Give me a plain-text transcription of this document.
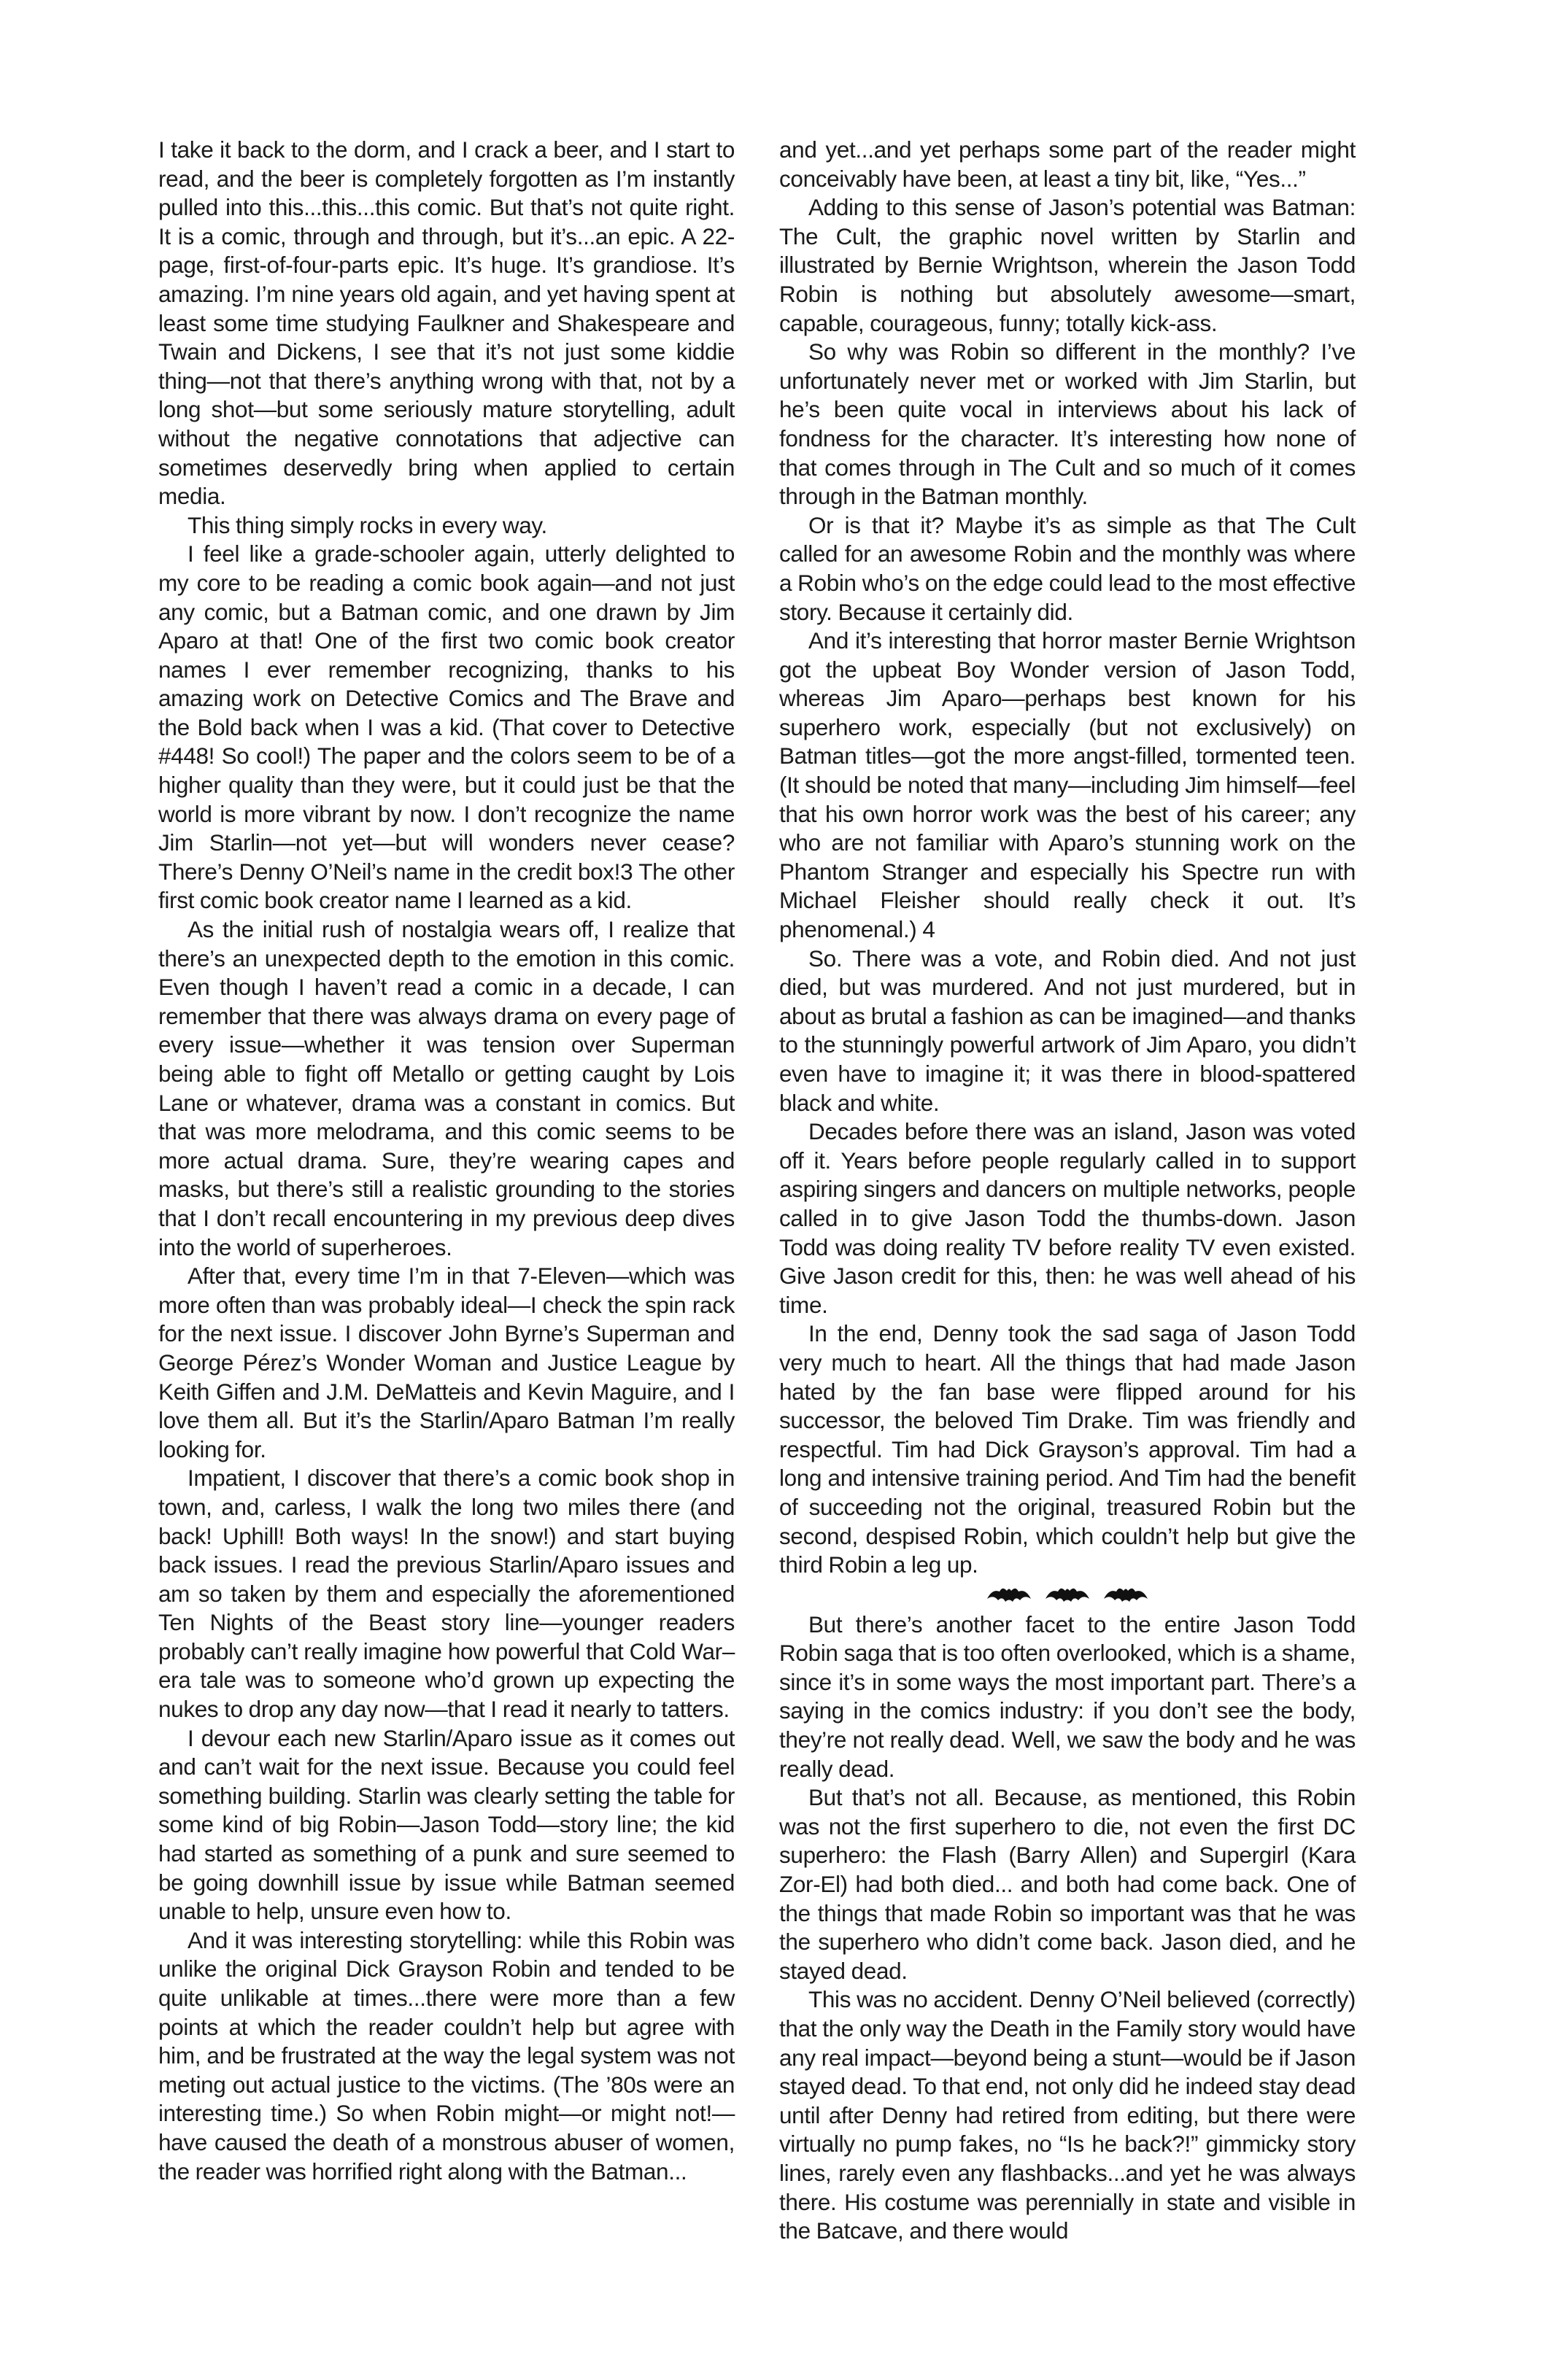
I take it back to the dorm, and I crack a beer, and I start to read, and the beer is completely forgotten as I’m instantly pulled into this...this...this comic. But that’s not quite right. It is a comic, through and through, but it’s...an epic. A 22-page, first-of-four-parts epic. It’s huge. It’s grandiose. It’s amazing. I’m nine years old again, and yet having spent at least some time studying Faulkner and Shakespeare and Twain and Dickens, I see that it’s not just some kiddie thing—not that there’s anything wrong with that, not by a long shot—but some seriously mature storytelling, adult without the negative connotations that adjective can sometimes deservedly bring when applied to certain media.

This thing simply rocks in every way.

I feel like a grade-schooler again, utterly delighted to my core to be reading a comic book again—and not just any comic, but a Batman comic, and one drawn by Jim Aparo at that! One of the first two comic book creator names I ever remember recognizing, thanks to his amazing work on Detective Comics and The Brave and the Bold back when I was a kid. (That cover to Detective #448! So cool!) The paper and the colors seem to be of a higher quality than they were, but it could just be that the world is more vibrant by now. I don’t recognize the name Jim Starlin—not yet—but will wonders never cease? There’s Denny O’Neil’s name in the credit box!3 The other first comic book creator name I learned as a kid.

As the initial rush of nostalgia wears off, I realize that there’s an unexpected depth to the emotion in this comic. Even though I haven’t read a comic in a decade, I can remember that there was always drama on every page of every issue—whether it was tension over Superman being able to fight off Metallo or getting caught by Lois Lane or whatever, drama was a constant in comics. But that was more melodrama, and this comic seems to be more actual drama. Sure, they’re wearing capes and masks, but there’s still a realistic grounding to the stories that I don’t recall encountering in my previous deep dives into the world of superheroes.

After that, every time I’m in that 7-Eleven—which was more often than was probably ideal—I check the spin rack for the next issue. I discover John Byrne’s Superman and George Pérez’s Wonder Woman and Justice League by Keith Giffen and J.M. DeMatteis and Kevin Maguire, and I love them all. But it’s the Starlin/Aparo Batman I’m really looking for.

Impatient, I discover that there’s a comic book shop in town, and, carless, I walk the long two miles there (and back! Uphill! Both ways! In the snow!) and start buying back issues. I read the previous Starlin/Aparo issues and am so taken by them and especially the aforementioned Ten Nights of the Beast story line—younger readers probably can’t really imagine how powerful that Cold War–era tale was to someone who’d grown up expecting the nukes to drop any day now—that I read it nearly to tatters.

I devour each new Starlin/Aparo issue as it comes out and can’t wait for the next issue. Because you could feel something building. Starlin was clearly setting the table for some kind of big Robin—Jason Todd—story line; the kid had started as something of a punk and sure seemed to be going downhill issue by issue while Batman seemed unable to help, unsure even how to.

And it was interesting storytelling: while this Robin was unlike the original Dick Grayson Robin and tended to be quite unlikable at times...there were more than a few points at which the reader couldn’t help but agree with him, and be frustrated at the way the legal system was not meting out actual justice to the victims. (The ’80s were an interesting time.) So when Robin might—or might not!—have caused the death of a monstrous abuser of women, the reader was horrified right along with the Batman...

and yet...and yet perhaps some part of the reader might conceivably have been, at least a tiny bit, like, “Yes...”

Adding to this sense of Jason’s potential was Batman: The Cult, the graphic novel written by Starlin and illustrated by Bernie Wrightson, wherein the Jason Todd Robin is nothing but absolutely awesome—smart, capable, courageous, funny; totally kick-ass.

So why was Robin so different in the monthly? I’ve unfortunately never met or worked with Jim Starlin, but he’s been quite vocal in interviews about his lack of fondness for the character. It’s interesting how none of that comes through in The Cult and so much of it comes through in the Batman monthly.

Or is that it? Maybe it’s as simple as that The Cult called for an awesome Robin and the monthly was where a Robin who’s on the edge could lead to the most effective story. Because it certainly did.

And it’s interesting that horror master Bernie Wrightson got the upbeat Boy Wonder version of Jason Todd, whereas Jim Aparo—perhaps best known for his superhero work, especially (but not exclusively) on Batman titles—got the more angst-filled, tormented teen. (It should be noted that many—including Jim himself—feel that his own horror work was the best of his career; any who are not familiar with Aparo’s stunning work on the Phantom Stranger and especially his Spectre run with Michael Fleisher should really check it out. It’s phenomenal.) 4

So. There was a vote, and Robin died. And not just died, but was murdered. And not just murdered, but in about as brutal a fashion as can be imagined—and thanks to the stunningly powerful artwork of Jim Aparo, you didn’t even have to imagine it; it was there in blood-spattered black and white.

Decades before there was an island, Jason was voted off it. Years before people regularly called in to support aspiring singers and dancers on multiple networks, people called in to give Jason Todd the thumbs-down. Jason Todd was doing reality TV before reality TV even existed. Give Jason credit for this, then: he was well ahead of his time.

In the end, Denny took the sad saga of Jason Todd very much to heart. All the things that had made Jason hated by the fan base were flipped around for his successor, the beloved Tim Drake. Tim was friendly and respectful. Tim had Dick Grayson’s approval. Tim had a long and intensive training period. And Tim had the benefit of succeeding not the original, treasured Robin but the second, despised Robin, which couldn’t help but give the third Robin a leg up.

But there’s another facet to the entire Jason Todd Robin saga that is too often overlooked, which is a shame, since it’s in some ways the most important part. There’s a saying in the comics industry: if you don’t see the body, they’re not really dead. Well, we saw the body and he was really dead.

But that’s not all. Because, as mentioned, this Robin was not the first superhero to die, not even the first DC superhero: the Flash (Barry Allen) and Supergirl (Kara Zor-El) had both died... and both had come back. One of the things that made Robin so important was that he was the superhero who didn’t come back. Jason died, and he stayed dead.

This was no accident. Denny O’Neil believed (correctly) that the only way the Death in the Family story would have any real impact—beyond being a stunt—would be if Jason stayed dead. To that end, not only did he indeed stay dead until after Denny had retired from editing, but there were virtually no pump fakes, no “Is he back?!” gimmicky story lines, rarely even any flashbacks...and yet he was always there. His costume was perennially in state and visible in the Batcave, and there would
